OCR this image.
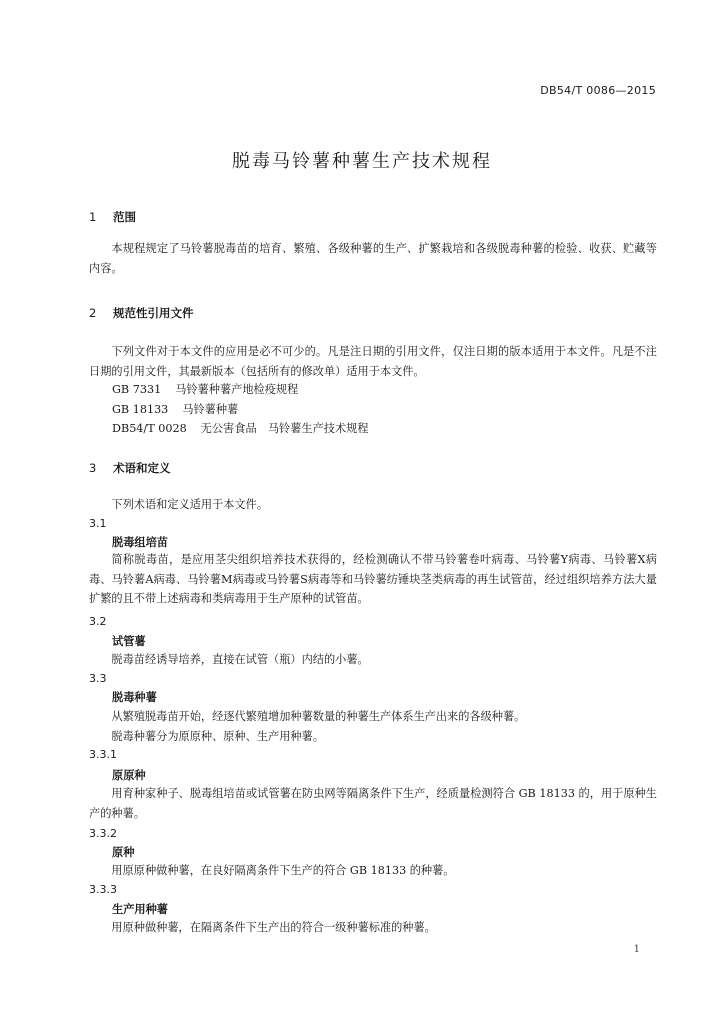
DB54/T 0086—2015
脱毒马铃薯种薯生产技术规程
1 范围
本规程规定了马铃薯脱毒苗的培育、繁殖、各级种薯的生产、扩繁栽培和各级脱毒种薯的检验、收获、贮藏等内容。
2 规范性引用文件
下列文件对于本文件的应用是必不可少的。凡是注日期的引用文件，仅注日期的版本适用于本文件。凡是不注日期的引用文件，其最新版本（包括所有的修改单）适用于本文件。
GB 7331 马铃薯种薯产地检疫规程
GB 18133 马铃薯种薯
DB54/T 0028 无公害食品　马铃薯生产技术规程
3 术语和定义
下列术语和定义适用于本文件。
3.1
脱毒组培苗
简称脱毒苗，是应用茎尖组织培养技术获得的，经检测确认不带马铃薯卷叶病毒、马铃薯Y病毒、马铃薯X病毒、马铃薯A病毒、马铃薯M病毒或马铃薯S病毒等和马铃薯纺锤块茎类病毒的再生试管苗，经过组织培养方法大量扩繁的且不带上述病毒和类病毒用于生产原种的试管苗。
3.2
试管薯
脱毒苗经诱导培养，直接在试管（瓶）内结的小薯。
3.3
脱毒种薯
从繁殖脱毒苗开始，经逐代繁殖增加种薯数量的种薯生产体系生产出来的各级种薯。
脱毒种薯分为原原种、原种、生产用种薯。
3.3.1
原原种
用育种家种子、脱毒组培苗或试管薯在防虫网等隔离条件下生产，经质量检测符合 GB 18133 的，用于原种生产的种薯。
3.3.2
原种
用原原种做种薯，在良好隔离条件下生产的符合 GB 18133 的种薯。
3.3.3
生产用种薯
用原种做种薯，在隔离条件下生产出的符合一级种薯标准的种薯。
1
